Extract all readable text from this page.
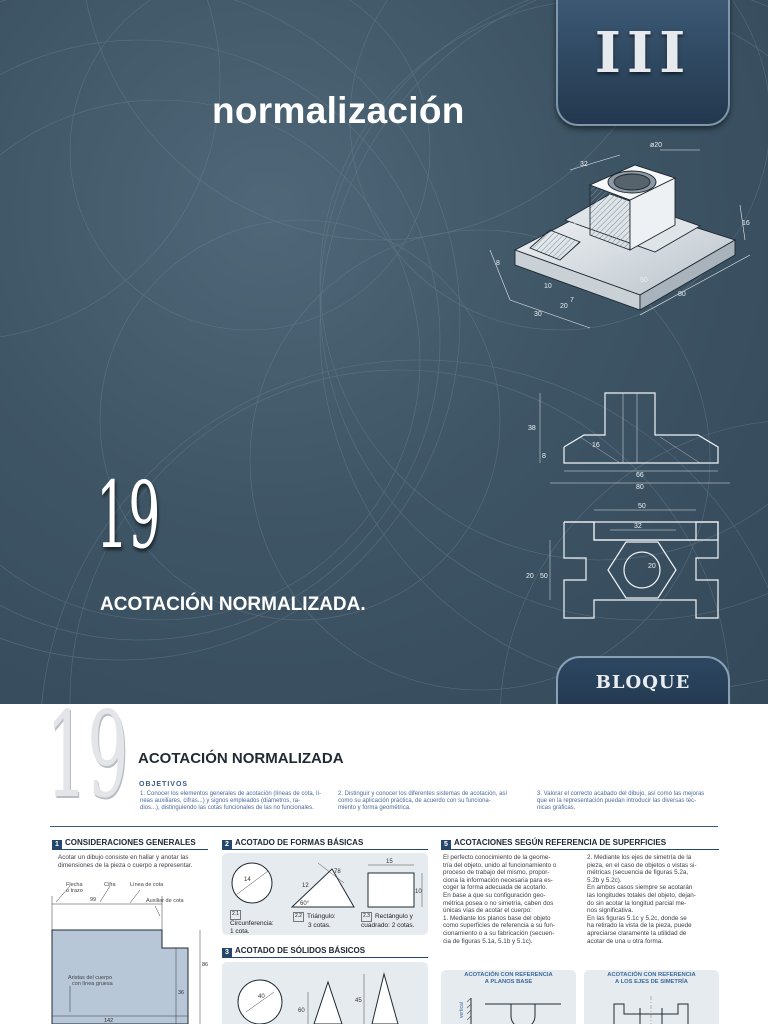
III
normalización
ø20
32
15
8
10
50
20
7
30
80
16
38
16
8
66
80
50
32
20
50
20
19
ACOTACIÓN NORMALIZADA.
BLOQUE
19 ACOTACIÓN NORMALIZADA
OBJETIVOS
1. Conocer los elementos generales de acotación (líneas de cota, lí-
neas auxiliares, cifras...) y signos empleados (diámetros, ra-
dios...), distinguiendo las cotas funcionales de las no funcionales.
2. Distinguir y conocer los diferentes sistemas de acotación, así
como su aplicación práctica, de acuerdo con su funciona-
miento y forma geométrica.
3. Valorar el correcto acabado del dibujo, así como las mejoras
que en la representación puedan introducir las diversas téc-
nicas gráficas.
1 CONSIDERACIONES GENERALES
Acotar un dibujo consiste en hallar y anotar las
dimensiones de la pieza o cuerpo a representar.
99
86
36
142
Flecha
o trazo
Cifra	Línea de cota
Auxiliar de cota
Aristas del cuerpo
con línea gruesa
2 ACOTADO DE FORMAS BÁSICAS
14
12
78
60°
15
10
2.1
Circunferencia:
1 cota.
2.2 Triángulo:
3 cotas.
2.3 Rectángulo y
cuadrado: 2 cotas.
3 ACOTADO DE SÓLIDOS BÁSICOS
40
60
45
5 ACOTACIONES SEGÚN REFERENCIA DE SUPERFICIES
El perfecto conocimiento de la geome-
tría del objeto, unido al funcionamiento o
proceso de trabajo del mismo, propor-
ciona la información necesaria para es-
coger la forma adecuada de acotarlo.
En base a que su configuración geo-
métrica posea o no simetría, caben dos
únicas vías de acotar el cuerpo:
1. Mediante los planos base del objeto
como superficies de referencia a su fun-
cionamiento o a su fabricación (secuen-
cia de figuras 5.1a, 5.1b y 5.1c).
2. Mediante los ejes de simetría de la
pieza, en el caso de objetos o vistas si-
métricas (secuencia de figuras 5.2a,
5.2b y 5.2c).
En ambos casos siempre se acotarán
las longitudes totales del objeto, dejan-
do sin acotar la longitud parcial me-
nos significativa.
En las figuras 5.1c y 5.2c, donde se
ha retirado la vista de la pieza, puede
apreciarse claramente la utilidad de
acotar de una u otra forma.
ACOTACIÓN CON REFERENCIA
A PLANOS BASE
vertical
ACOTACIÓN CON REFERENCIA
A LOS EJES DE SIMETRÍA
